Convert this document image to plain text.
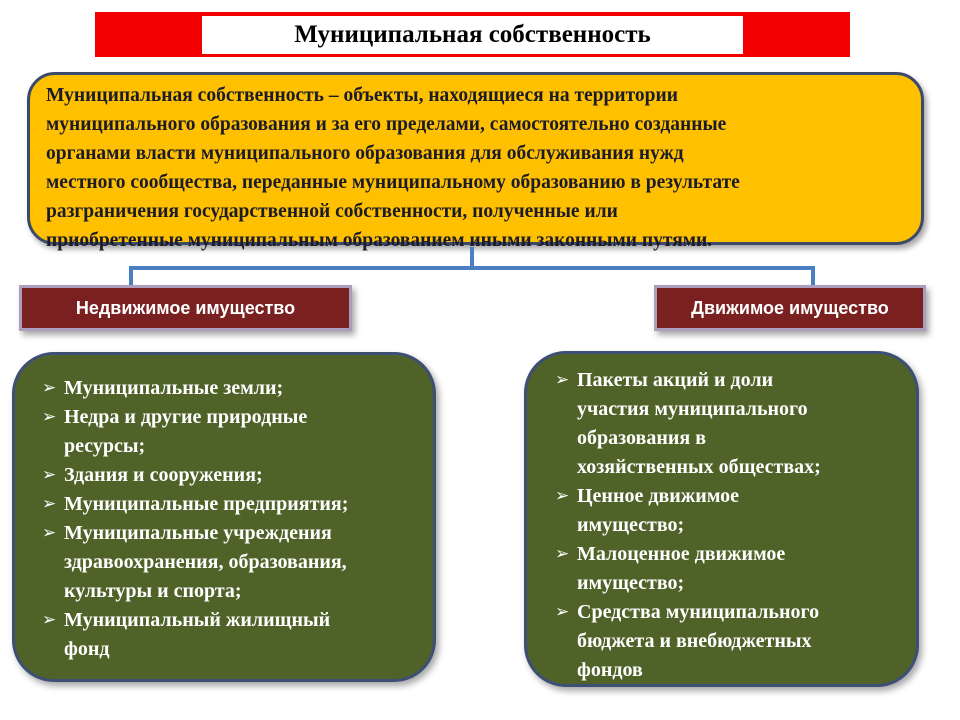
Муниципальная собственность
Муниципальная собственность – объекты, находящиеся на территории
муниципального образования и за его пределами, самостоятельно созданные
органами власти муниципального образования для обслуживания нужд
местного сообщества, переданные муниципальному образованию в результате
разграничения государственной собственности, полученные или
приобретенные муниципальным образованием иными законными путями.
Недвижимое имущество	Движимое имущество
➢ Муниципальные земли;
➢ Недра и другие природные
ресурсы;
➢ Здания и сооружения;
➢ Муниципальные предприятия;
➢ Муниципальные учреждения
здравоохранения, образования,
культуры и спорта;
➢ Муниципальный жилищный
фонд
➢ Пакеты акций и доли
участия муниципального
образования в
хозяйственных обществах;
➢ Ценное движимое
имущество;
➢ Малоценное движимое
имущество;
➢ Средства муниципального
бюджета и внебюджетных
фондов
